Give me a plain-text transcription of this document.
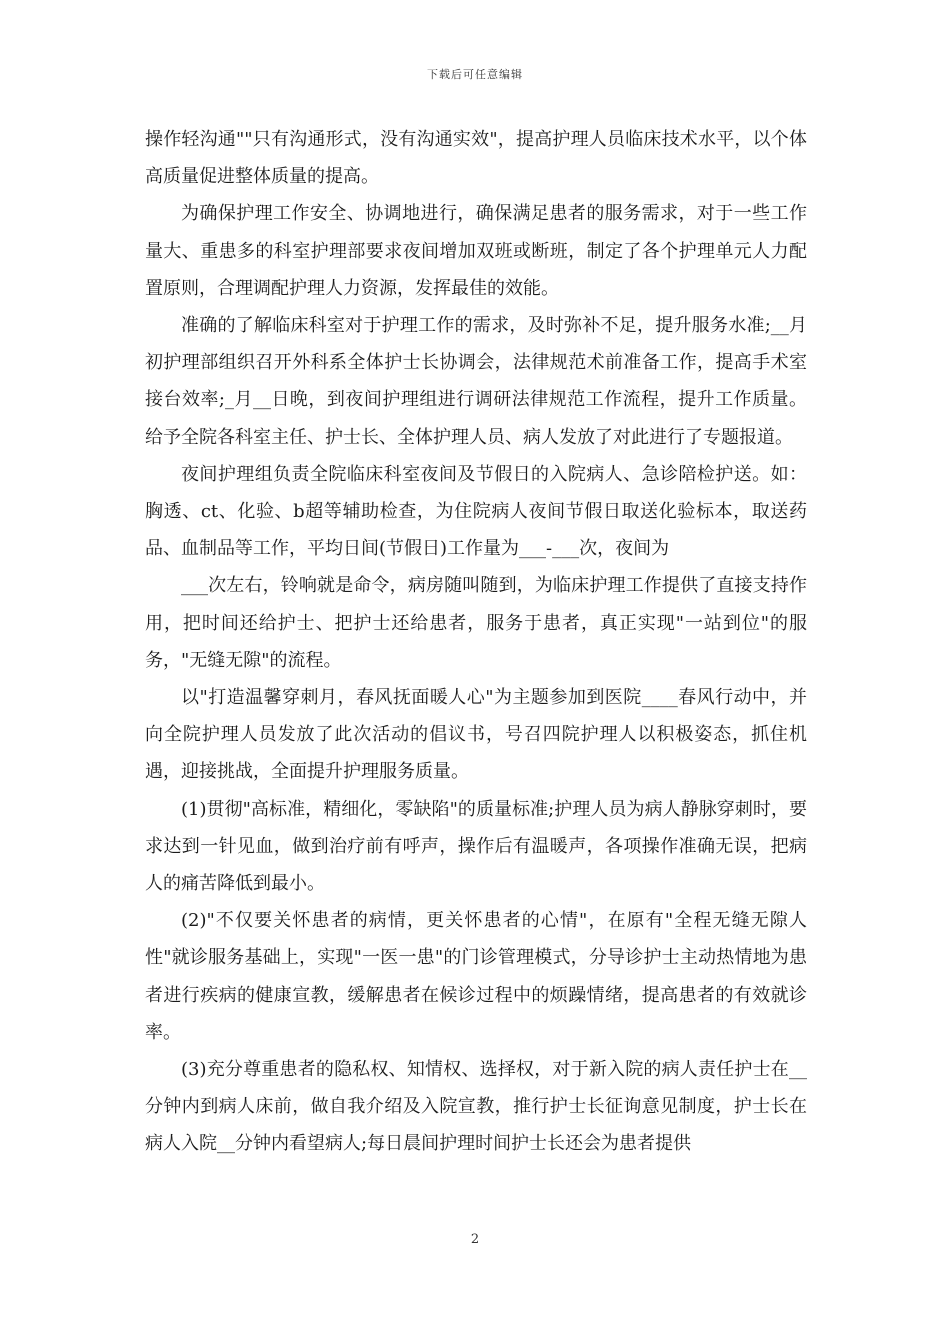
下载后可任意编辑

操作轻沟通""只有沟通形式，没有沟通实效"，提高护理人员临床技术水平，以个体高质量促进整体质量的提高。

为确保护理工作安全、协调地进行，确保满足患者的服务需求，对于一些工作量大、重患多的科室护理部要求夜间增加双班或断班，制定了各个护理单元人力配置原则，合理调配护理人力资源，发挥最佳的效能。

准确的了解临床科室对于护理工作的需求，及时弥补不足，提升服务水准;__月初护理部组织召开外科系全体护士长协调会，法律规范术前准备工作，提高手术室接台效率;_月__日晚，到夜间护理组进行调研法律规范工作流程，提升工作质量。给予全院各科室主任、护士长、全体护理人员、病人发放了对此进行了专题报道。

夜间护理组负责全院临床科室夜间及节假日的入院病人、急诊陪检护送。如：胸透、ct、化验、b超等辅助检查，为住院病人夜间节假日取送化验标本，取送药品、血制品等工作，平均日间(节假日)工作量为___-___次，夜间为

___次左右，铃响就是命令，病房随叫随到，为临床护理工作提供了直接支持作用，把时间还给护士、把护士还给患者，服务于患者，真正实现"一站到位"的服务，"无缝无隙"的流程。

以"打造温馨穿刺月，春风抚面暖人心"为主题参加到医院____春风行动中，并向全院护理人员发放了此次活动的倡议书，号召四院护理人以积极姿态，抓住机遇，迎接挑战，全面提升护理服务质量。

(1)贯彻"高标准，精细化，零缺陷"的质量标准;护理人员为病人静脉穿刺时，要求达到一针见血，做到治疗前有呼声，操作后有温暖声，各项操作准确无误，把病人的痛苦降低到最小。

(2)"不仅要关怀患者的病情，更关怀患者的心情"，在原有"全程无缝无隙人性"就诊服务基础上，实现"一医一患"的门诊管理模式，分导诊护士主动热情地为患者进行疾病的健康宣教，缓解患者在候诊过程中的烦躁情绪，提高患者的有效就诊率。

(3)充分尊重患者的隐私权、知情权、选择权，对于新入院的病人责任护士在__分钟内到病人床前，做自我介绍及入院宣教，推行护士长征询意见制度，护士长在病人入院__分钟内看望病人;每日晨间护理时间护士长还会为患者提供

2
